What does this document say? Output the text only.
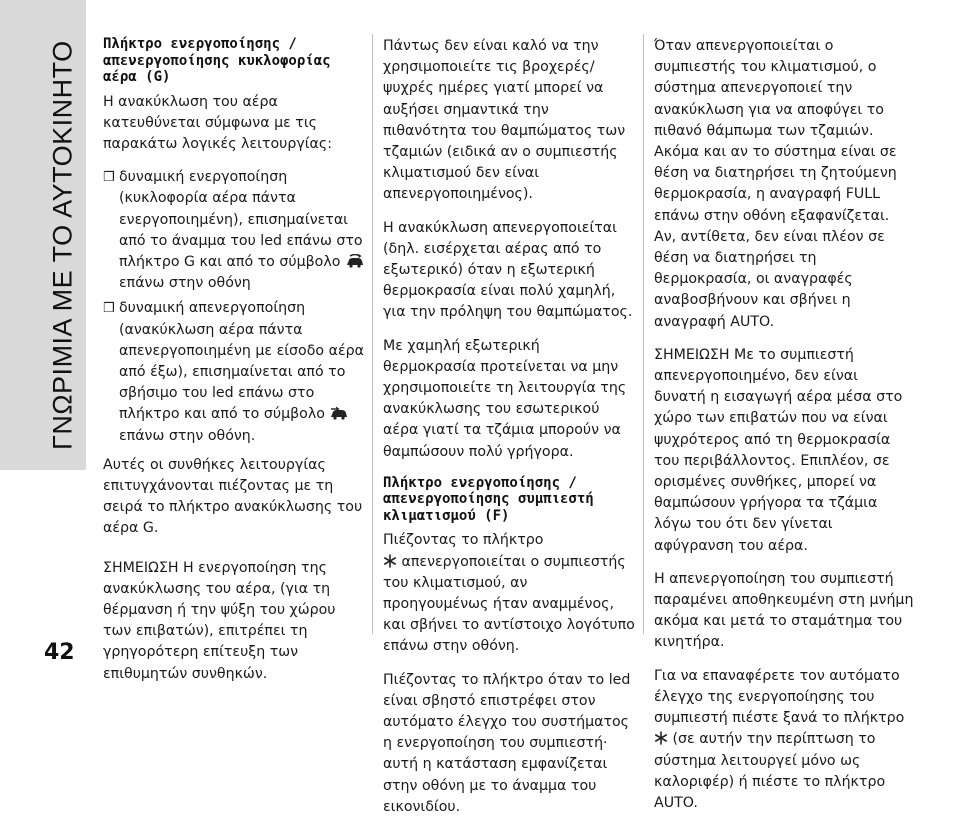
ΓΝΩΡΙΜΙΑ ΜΕ ΤΟ ΑΥΤΟΚΙΝΗΤΟ	Πλήκτρο ενεργοποίησης / απενεργοποίησης κυκλοφορίας αέρα (G)

Η ανακύκλωση του αέρα κατευθύνεται σύμφωνα με τις παρακάτω λογικές λειτουργίας:

❒ δυναμική ενεργοποίηση (κυκλοφορία αέρα πάντα ενεργοποιημένη), επισημαίνεται από το άναμμα του led επάνω στο πλήκτρο G και από το σύμβολο  επάνω στην οθόνη
❒ δυναμική απενεργοποίηση (ανακύκλωση αέρα πάντα απενεργοποιημένη με είσοδο αέρα από έξω), επισημαίνεται από το σβήσιμο του led επάνω στο πλήκτρο και από το σύμβολο  επάνω στην οθόνη.

Αυτές οι συνθήκες λειτουργίας επιτυγχάνονται πιέζοντας με τη σειρά το πλήκτρο ανακύκλωσης του αέρα G.

ΣΗΜΕΙΩΣΗ Η ενεργοποίηση της ανακύκλωσης του αέρα, (για τη θέρμανση ή την ψύξη του χώρου των επιβατών), επιτρέπει τη γρηγορότερη επίτευξη των επιθυμητών συνθηκών.

Πάντως δεν είναι καλό να την χρησιμοποιείτε τις βροχερές/ψυχρές ημέρες γιατί μπορεί να αυξήσει σημαντικά την πιθανότητα του θαμπώματος των τζαμιών (ειδικά αν ο συμπιεστής κλιματισμού δεν είναι απενεργοποιημένος).

Η ανακύκλωση απενεργοποιείται (δηλ. εισέρχεται αέρας από το εξωτερικό) όταν η εξωτερική θερμοκρασία είναι πολύ χαμηλή, για την πρόληψη του θαμπώματος.

Με χαμηλή εξωτερική θερμοκρασία προτείνεται να μην χρησιμοποιείτε τη λειτουργία της ανακύκλωσης του εσωτερικού αέρα γιατί τα τζάμια μπορούν να θαμπώσουν πολύ γρήγορα.

Πλήκτρο ενεργοποίησης / απενεργοποίησης συμπιεστή κλιματισμού (F)

Πιέζοντας το πλήκτρο
απενεργοποιείται ο συμπιεστής του κλιματισμού, αν προηγουμένως ήταν αναμμένος, και σβήνει το αντίστοιχο λογότυπο επάνω στην οθόνη.

Πιέζοντας το πλήκτρο όταν το led είναι σβηστό επιστρέφει στον αυτόματο έλεγχο του συστήματος η ενεργοποίηση του συμπιεστή· αυτή η κατάσταση εμφανίζεται στην οθόνη με το άναμμα του εικονιδίου.

Όταν απενεργοποιείται ο συμπιεστής του κλιματισμού, ο σύστημα απενεργοποιεί την ανακύκλωση για να αποφύγει το πιθανό θάμπωμα των τζαμιών. Ακόμα και αν το σύστημα είναι σε θέση να διατηρήσει τη ζητούμενη θερμοκρασία, η αναγραφή FULL επάνω στην οθόνη εξαφανίζεται. Αν, αντίθετα, δεν είναι πλέον σε θέση να διατηρήσει τη θερμοκρασία, οι αναγραφές αναβοσβήνουν και σβήνει η αναγραφή AUTO.

ΣΗΜΕΙΩΣΗ Με το συμπιεστή απενεργοποιημένο, δεν είναι δυνατή η εισαγωγή αέρα μέσα στο χώρο των επιβατών που να είναι ψυχρότερος από τη θερμοκρασία του περιβάλλοντος. Επιπλέον, σε ορισμένες συνθήκες, μπορεί να θαμπώσουν γρήγορα τα τζάμια λόγω του ότι δεν γίνεται αφύγρανση του αέρα.

Η απενεργοποίηση του συμπιεστή παραμένει αποθηκευμένη στη μνήμη ακόμα και μετά το σταμάτημα του κινητήρα.

Για να επαναφέρετε τον αυτόματο έλεγχο της ενεργοποίησης του συμπιεστή πιέστε ξανά το πλήκτρο
(σε αυτήν την περίπτωση το σύστημα λειτουργεί μόνο ως καλοριφέρ) ή πιέστε το πλήκτρο AUTO.

42
